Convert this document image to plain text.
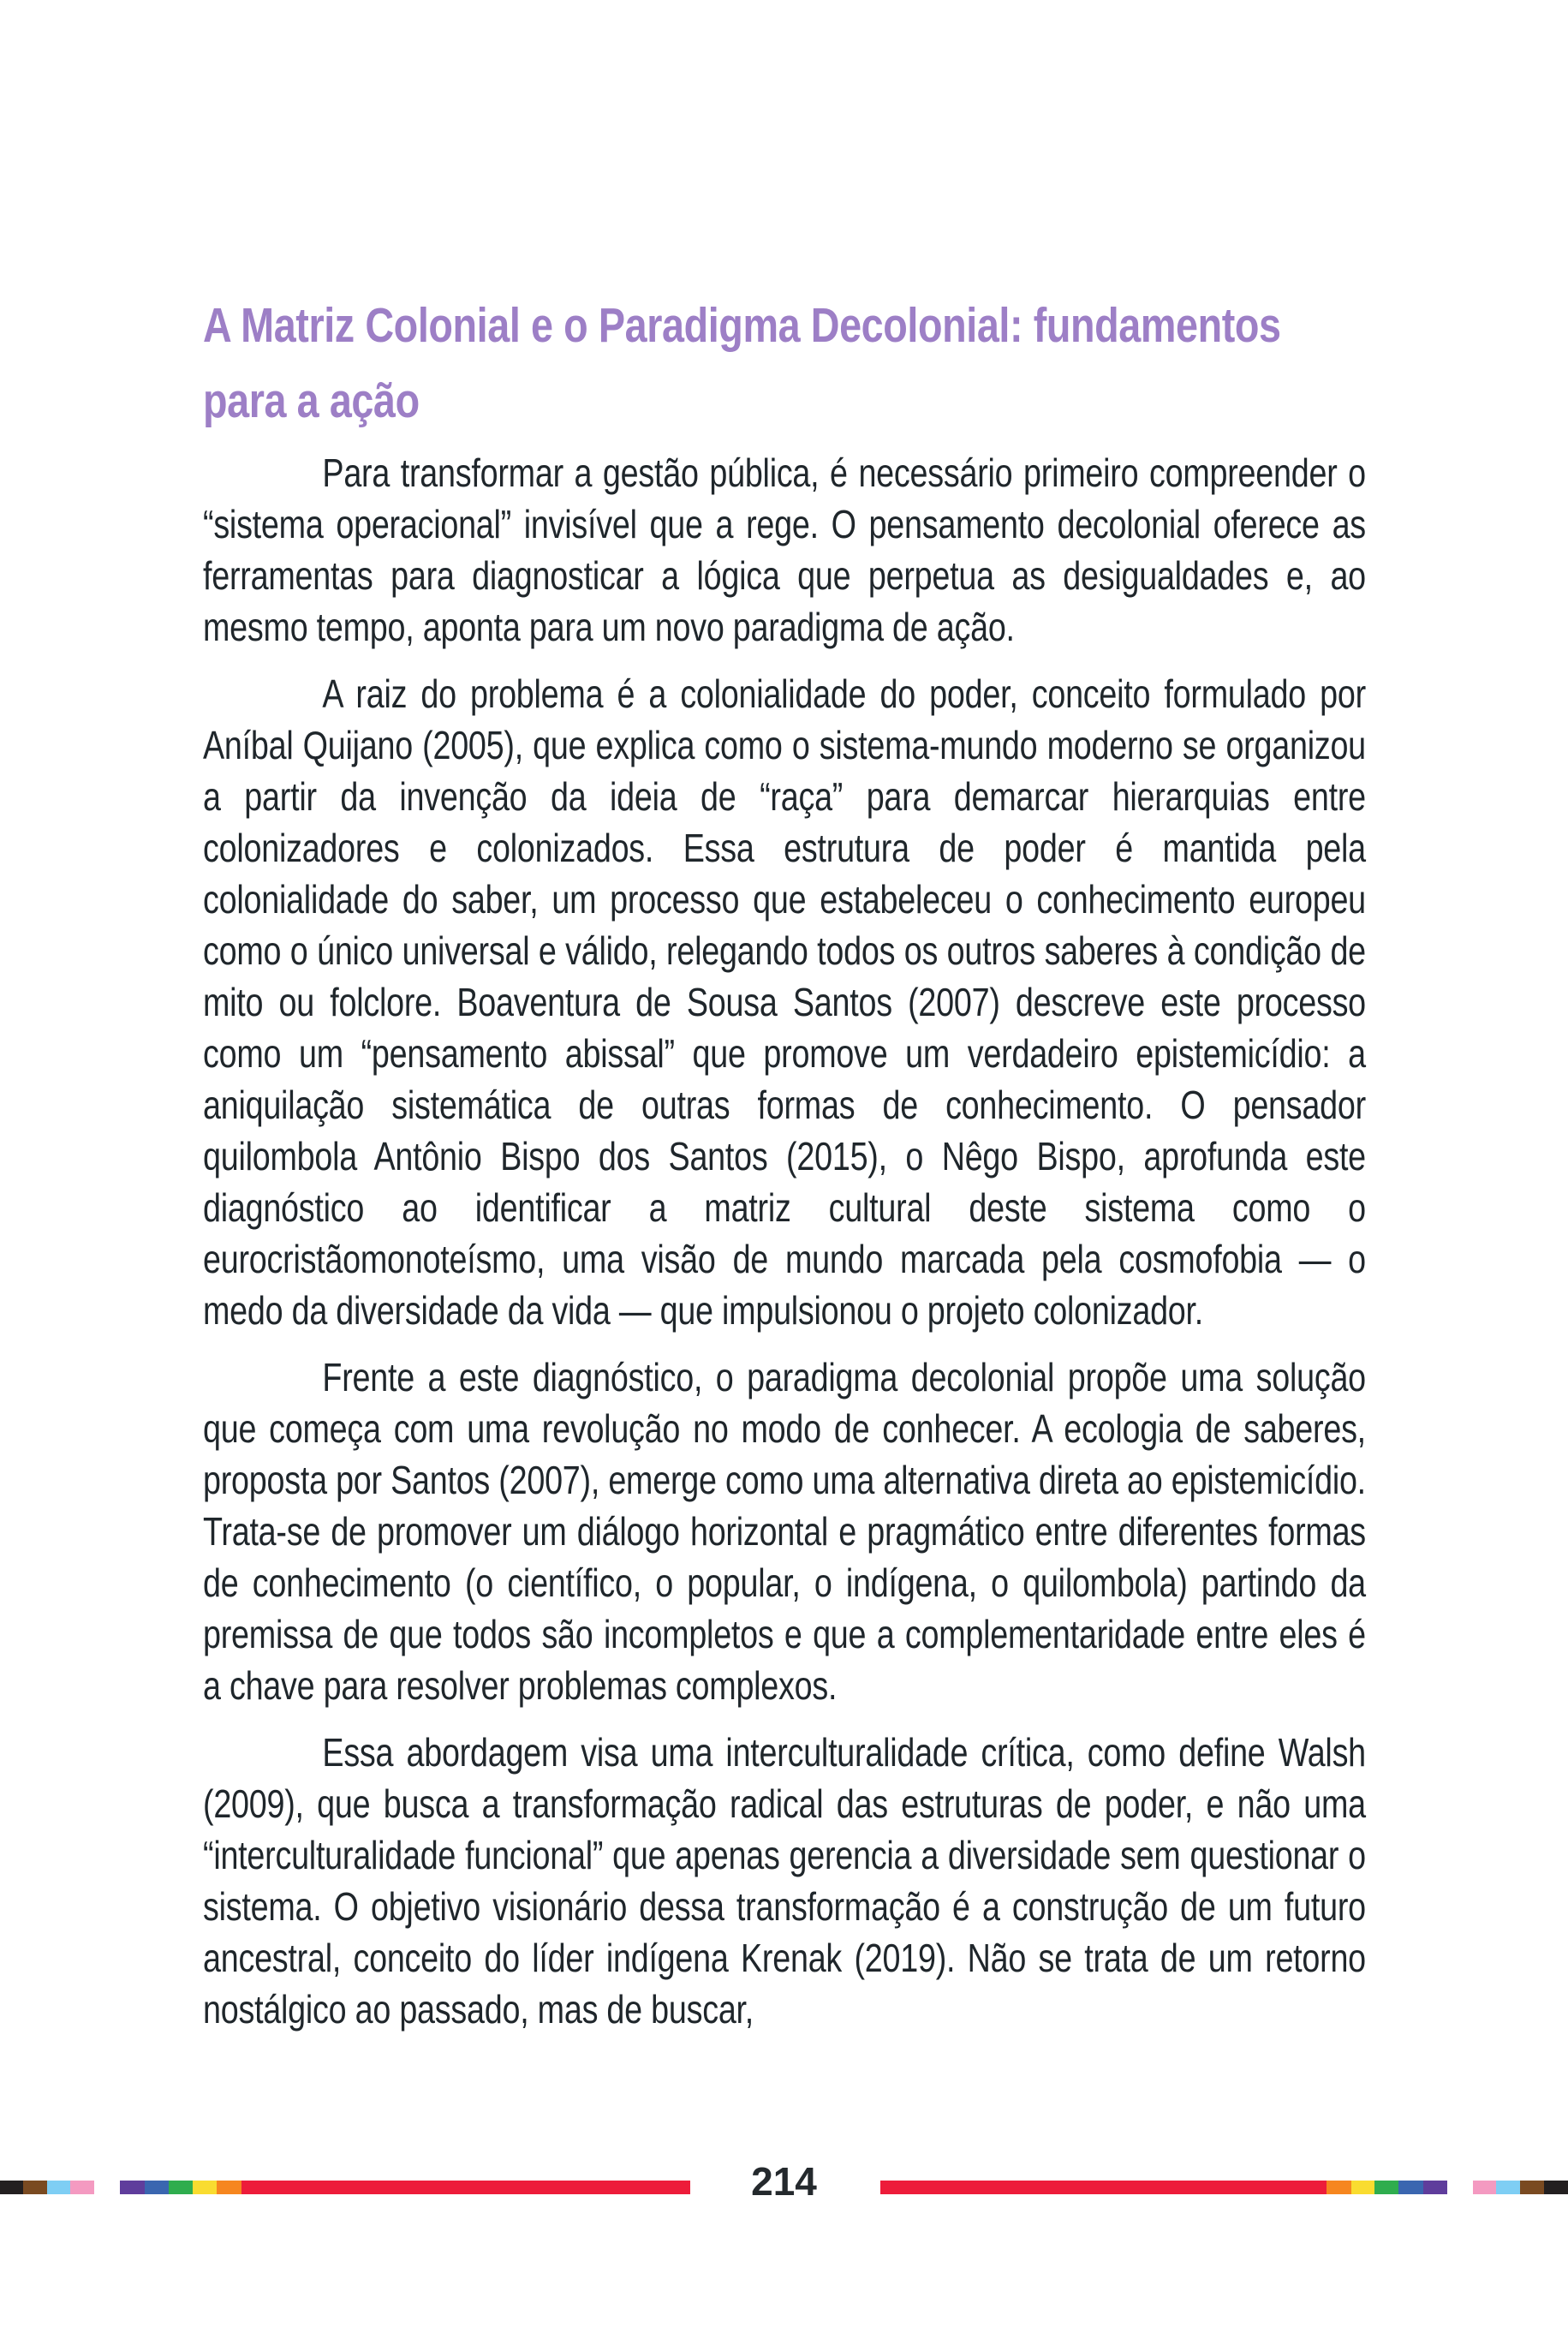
A Matriz Colonial e o Paradigma Decolonial: fundamentos
para a ação

Para transformar a gestão pública, é necessário primeiro compreender o “sistema operacional” invisível que a rege. O pensamento decolonial oferece as ferramentas para diagnosticar a lógica que perpetua as desigualdades e, ao mesmo tempo, aponta para um novo paradigma de ação.

A raiz do problema é a colonialidade do poder, conceito formulado por Aníbal Quijano (2005), que explica como o sistema-mundo moderno se organizou a partir da invenção da ideia de “raça” para demarcar hierarquias entre colonizadores e colonizados. Essa estrutura de poder é mantida pela colonialidade do saber, um processo que estabeleceu o conhecimento europeu como o único universal e válido, relegando todos os outros saberes à condição de mito ou folclore. Boaventura de Sousa Santos (2007) descreve este processo como um “pensamento abissal” que promove um verdadeiro epistemicídio: a aniquilação sistemática de outras formas de conhecimento. O pensador quilombola Antônio Bispo dos Santos (2015), o Nêgo Bispo, aprofunda este diagnóstico ao identificar a matriz cultural deste sistema como o eurocristãomonoteísmo, uma visão de mundo marcada pela cosmofobia — o medo da diversidade da vida — que impulsionou o projeto colonizador.

Frente a este diagnóstico, o paradigma decolonial propõe uma solução que começa com uma revolução no modo de conhecer. A ecologia de saberes, proposta por Santos (2007), emerge como uma alternativa direta ao epistemicídio. Trata-se de promover um diálogo horizontal e pragmático entre diferentes formas de conhecimento (o científico, o popular, o indígena, o quilombola) partindo da premissa de que todos são incompletos e que a complementaridade entre eles é a chave para resolver problemas complexos.

Essa abordagem visa uma interculturalidade crítica, como define Walsh (2009), que busca a transformação radical das estruturas de poder, e não uma “interculturalidade funcional” que apenas gerencia a diversidade sem questionar o sistema. O objetivo visionário dessa transformação é a construção de um futuro ancestral, conceito do líder indígena Krenak (2019). Não se trata de um retorno nostálgico ao passado, mas de buscar,

214
